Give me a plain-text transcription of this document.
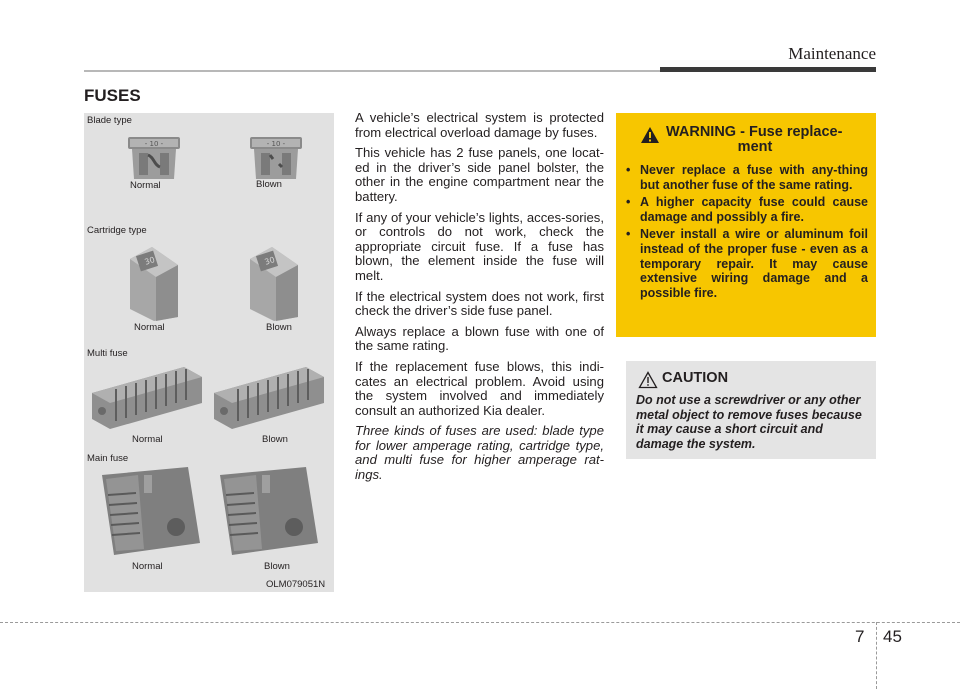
Maintenance
FUSES
Blade type
- 10 -	- 10 -
Normal	Blown
Cartridge type
30	30
Normal	Blown
Multi fuse
Normal	Blown
Main fuse
Normal	Blown
OLM079051N

A vehicle’s electrical system is protected from electrical overload damage by fuses.

This vehicle has 2 fuse panels, one locat-ed in the driver’s side panel bolster, the other in the engine compartment near the battery.

If any of your vehicle’s lights, acces-sories, or controls do not work, check the appropriate circuit fuse. If a fuse has blown, the element inside the fuse will melt.

If the electrical system does not work, first check the driver’s side fuse panel.

Always replace a blown fuse with one of the same rating.

If the replacement fuse blows, this indi-cates an electrical problem. Avoid using the system involved and immediately consult an authorized Kia dealer.

Three kinds of fuses are used: blade type for lower amperage rating, cartridge type, and multi fuse for higher amperage rat-ings.

WARNING - Fuse replace-
ment
• Never replace a fuse with any-thing but another fuse of the same rating.
• A higher capacity fuse could cause damage and possibly a fire.
• Never install a wire or aluminum foil instead of the proper fuse - even as a temporary repair. It may cause extensive wiring damage and a possible fire.
CAUTION
Do not use a screwdriver or any other metal object to remove fuses because it may cause a short circuit and damage the system.
7 45
